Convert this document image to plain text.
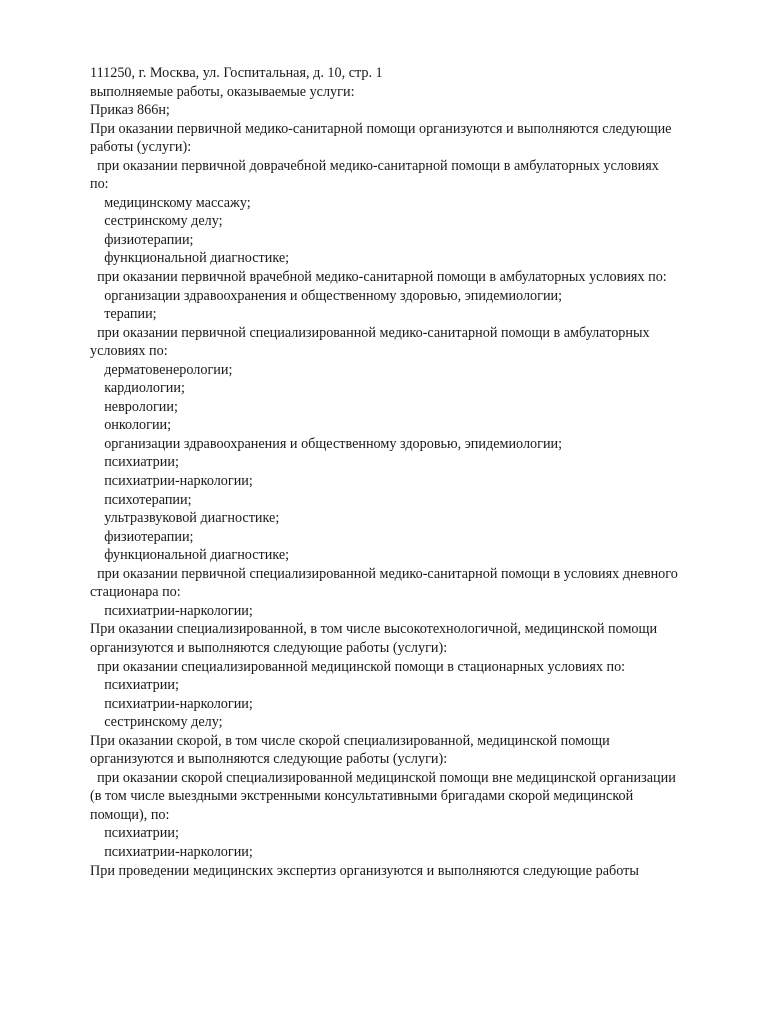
111250, г. Москва, ул. Госпитальная, д. 10, стр. 1
выполняемые работы, оказываемые услуги:
Приказ 866н;
При оказании первичной медико-санитарной помощи организуются и выполняются следующие
работы (услуги):
при оказании первичной доврачебной медико-санитарной помощи в амбулаторных условиях
по:
медицинскому массажу;
сестринскому делу;
физиотерапии;
функциональной диагностике;
при оказании первичной врачебной медико-санитарной помощи в амбулаторных условиях по:
организации здравоохранения и общественному здоровью, эпидемиологии;
терапии;
при оказании первичной специализированной медико-санитарной помощи в амбулаторных
условиях по:
дерматовенерологии;
кардиологии;
неврологии;
онкологии;
организации здравоохранения и общественному здоровью, эпидемиологии;
психиатрии;
психиатрии-наркологии;
психотерапии;
ультразвуковой диагностике;
физиотерапии;
функциональной диагностике;
при оказании первичной специализированной медико-санитарной помощи в условиях дневного
стационара по:
психиатрии-наркологии;
При оказании специализированной, в том числе высокотехнологичной, медицинской помощи
организуются и выполняются следующие работы (услуги):
при оказании специализированной медицинской помощи в стационарных условиях по:
психиатрии;
психиатрии-наркологии;
сестринскому делу;
При оказании скорой, в том числе скорой специализированной, медицинской помощи
организуются и выполняются следующие работы (услуги):
при оказании скорой специализированной медицинской помощи вне медицинской организации
(в том числе выездными экстренными консультативными бригадами скорой медицинской
помощи), по:
психиатрии;
психиатрии-наркологии;
При проведении медицинских экспертиз организуются и выполняются следующие работы
